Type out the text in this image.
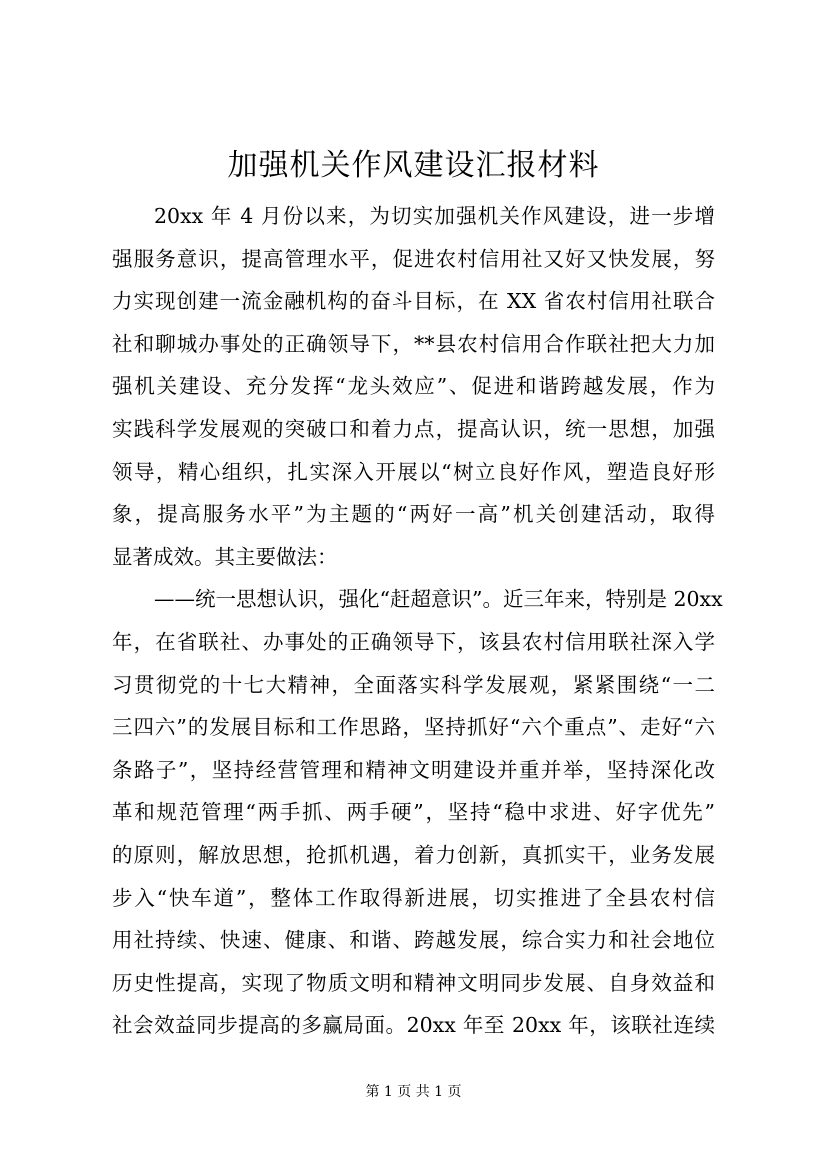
加强机关作风建设汇报材料
20xx 年 4 月份以来，为切实加强机关作风建设，进一步增
强服务意识，提高管理水平，促进农村信用社又好又快发展，努
力实现创建一流金融机构的奋斗目标，在 XX 省农村信用社联合
社和聊城办事处的正确领导下，**县农村信用合作联社把大力加
强机关建设、充分发挥“龙头效应”、促进和谐跨越发展，作为
实践科学发展观的突破口和着力点，提高认识，统一思想，加强
领导，精心组织，扎实深入开展以“树立良好作风，塑造良好形
象，提高服务水平”为主题的“两好一高”机关创建活动，取得
显著成效。其主要做法：
——统一思想认识，强化“赶超意识”。近三年来，特别是 20xx
年，在省联社、办事处的正确领导下，该县农村信用联社深入学
习贯彻党的十七大精神，全面落实科学发展观，紧紧围绕“一二
三四六”的发展目标和工作思路，坚持抓好“六个重点”、走好“六
条路子”，坚持经营管理和精神文明建设并重并举，坚持深化改
革和规范管理“两手抓、两手硬”，坚持“稳中求进、好字优先”
的原则，解放思想，抢抓机遇，着力创新，真抓实干，业务发展
步入“快车道”，整体工作取得新进展，切实推进了全县农村信
用社持续、快速、健康、和谐、跨越发展，综合实力和社会地位
历史性提高，实现了物质文明和精神文明同步发展、自身效益和
社会效益同步提高的多赢局面。20xx 年至 20xx 年，该联社连续
第 1 页 共 1 页
